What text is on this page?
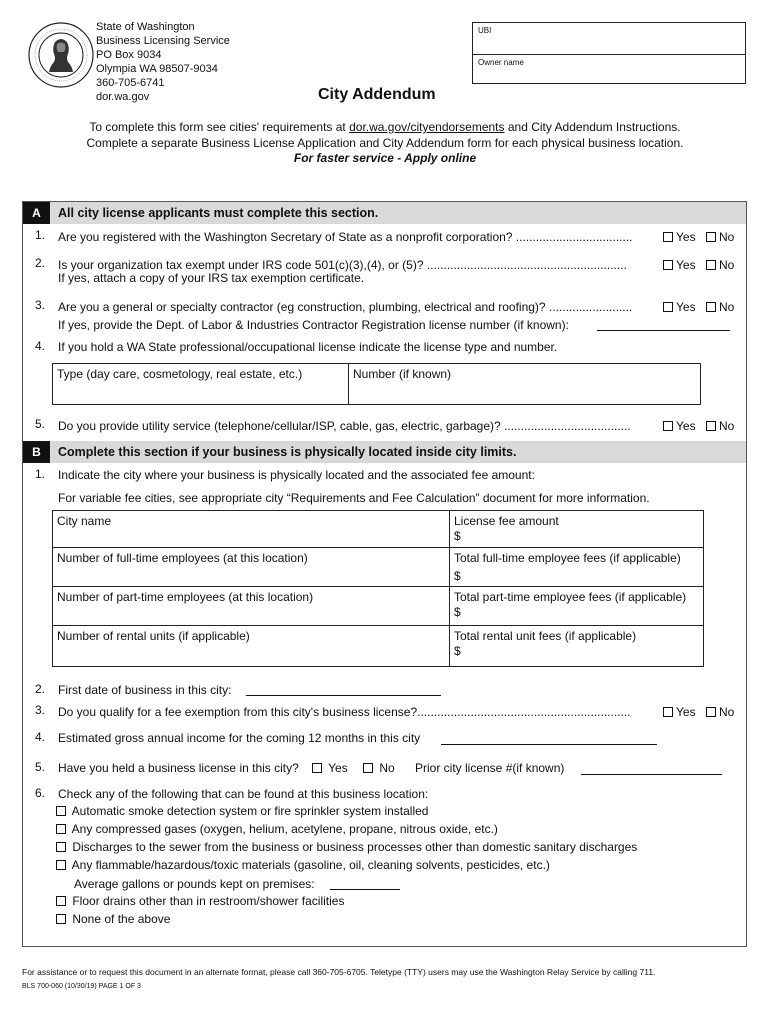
State of Washington
Business Licensing Service
PO Box 9034
Olympia WA 98507-9034
360-705-6741
dor.wa.gov
UBI
Owner name
City Addendum
To complete this form see cities' requirements at dor.wa.gov/cityendorsements and City Addendum Instructions.
Complete a separate Business License Application and City Addendum form for each physical business location.
For faster service - Apply online
A	All city license applicants must complete this section.
1. Are you registered with the Washington Secretary of State as a nonprofit corporation? ...................................	Yes	No
2. Is your organization tax exempt under IRS code 501(c)(3),(4), or (5)? ............................................................
If yes, attach a copy of your IRS tax exemption certificate.
Yes	No
3. Are you a general or specialty contractor (eg construction, plumbing, electrical and roofing)? .........................	Yes	No
If yes, provide the Dept. of Labor & Industries Contractor Registration license number (if known):
4. If you hold a WA State professional/occupational license indicate the license type and number.
Type (day care, cosmetology, real estate, etc.)	Number (if known)
5. Do you provide utility service (telephone/cellular/ISP, cable, gas, electric, garbage)? ......................................	Yes	No
B	Complete this section if your business is physically located inside city limits.
1. Indicate the city where your business is physically located and the associated fee amount:
For variable fee cities, see appropriate city “Requirements and Fee Calculation” document for more information.
City name	License fee amount
$
Number of full-time employees (at this location)	Total full-time employee fees (if applicable)
$
Number of part-time employees (at this location)	Total part-time employee fees (if applicable)
$
Number of rental units (if applicable)	Total rental unit fees (if applicable)
$
2. First date of business in this city:
3. Do you qualify for a fee exemption from this city's business license?................................................................	Yes	No
4. Estimated gross annual income for the coming 12 months in this city
5. Have you held a business license in this city?	Yes	No Prior city license #(if known)
6. Check any of the following that can be found at this business location:
Automatic smoke detection system or fire sprinkler system installed
Any compressed gases (oxygen, helium, acetylene, propane, nitrous oxide, etc.)
Discharges to the sewer from the business or business processes other than domestic sanitary discharges
Any flammable/hazardous/toxic materials (gasoline, oil, cleaning solvents, pesticides, etc.)
Average gallons or pounds kept on premises:
Floor drains other than in restroom/shower facilities
None of the above
For assistance or to request this document in an alternate format, please call 360-705-6705. Teletype (TTY) users may use the Washington Relay Service by calling 711.
BLS 700-060 (10/30/19) PAGE 1 OF 3
